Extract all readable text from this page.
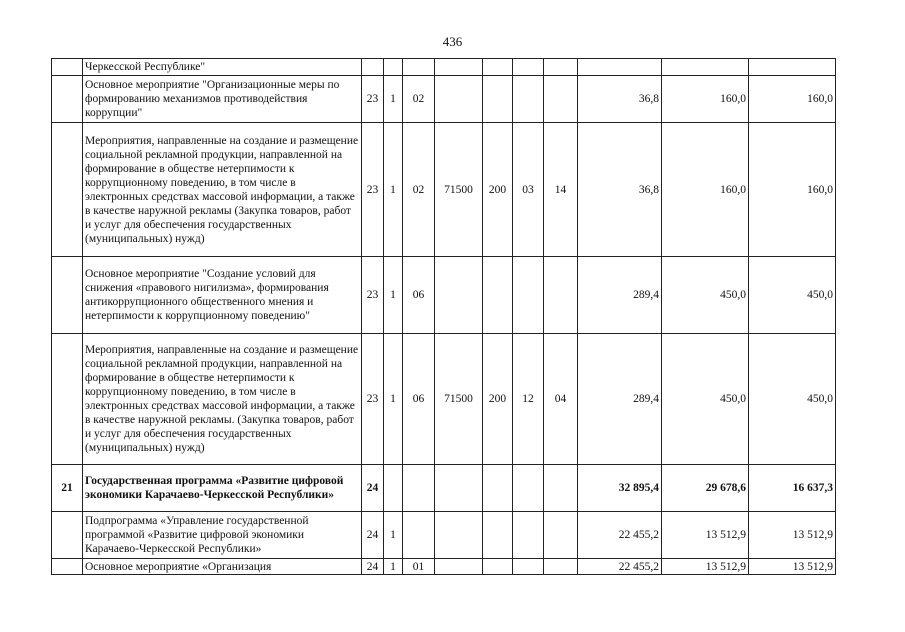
436
	Черкесской Республике"										
	Основное мероприятие "Организационные меры по формированию механизмов противодействия коррупции"	23	1	02					36,8	160,0	160,0
	Мероприятия, направленные на создание и размещение социальной рекламной продукции, направленной на формирование в обществе нетерпимости к коррупционному поведению, в том числе в электронных средствах массовой информации, а также в качестве наружной рекламы (Закупка товаров, работ и услуг для обеспечения государственных (муниципальных) нужд)	23	1	02	71500	200	03	14	36,8	160,0	160,0
	Основное мероприятие "Создание условий для снижения «правового нигилизма», формирования антикоррупционного общественного мнения и нетерпимости к коррупционному поведению"	23	1	06					289,4	450,0	450,0
	Мероприятия, направленные на создание и размещение социальной рекламной продукции, направленной на формирование в обществе нетерпимости к коррупционному поведению, в том числе в электронных средствах массовой информации, а также в качестве наружной рекламы. (Закупка товаров, работ и услуг для обеспечения государственных (муниципальных) нужд)	23	1	06	71500	200	12	04	289,4	450,0	450,0
21	Государственная программа «Развитие цифровой экономики Карачаево-Черкесской Республики»	24							32 895,4	29 678,6	16 637,3
	Подпрограмма «Управление государственной программой «Развитие цифровой экономики Карачаево-Черкесской Республики»	24	1						22 455,2	13 512,9	13 512,9
	Основное мероприятие «Организация	24	1	01					22 455,2	13 512,9	13 512,9
